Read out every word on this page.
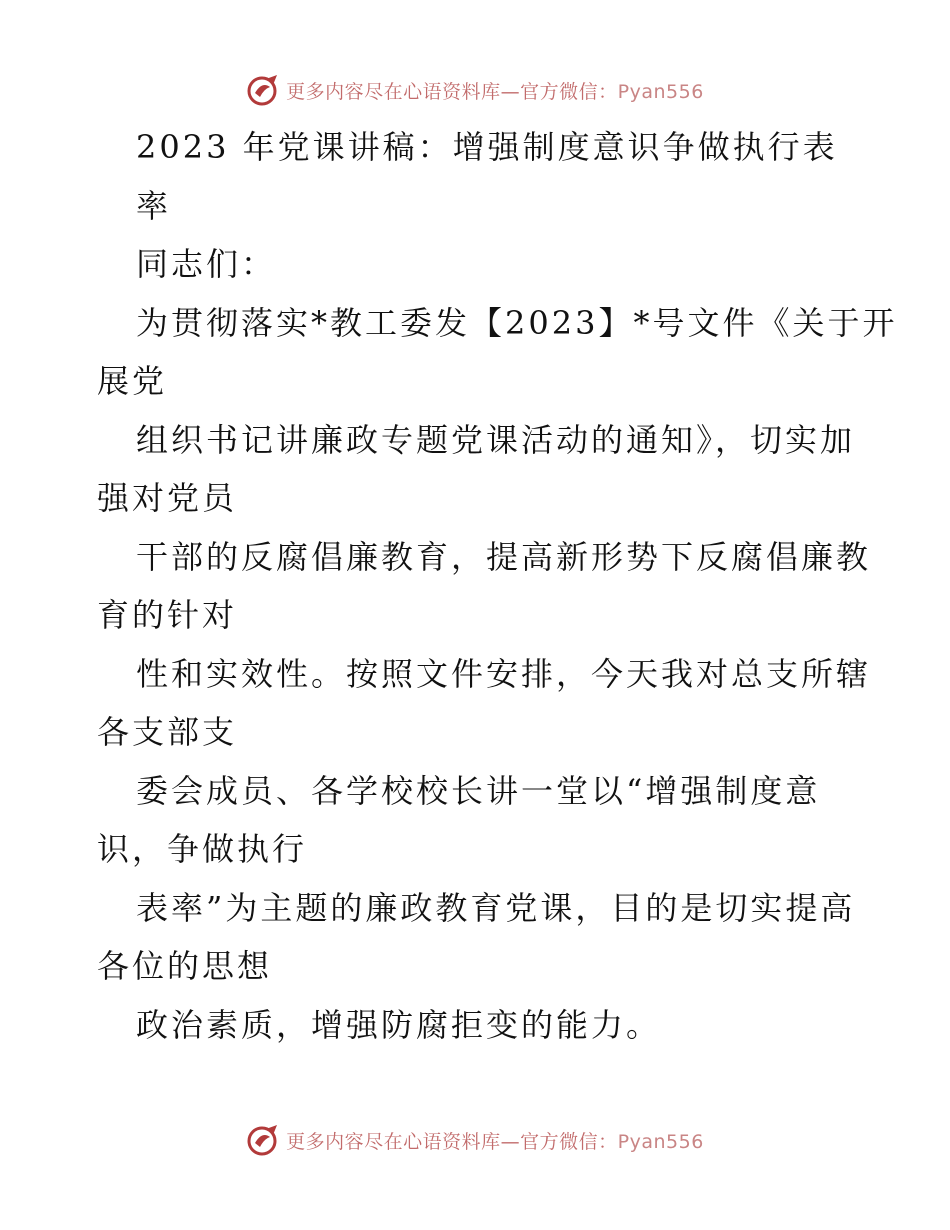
更多内容尽在心语资料库—官方微信：Pyan556
2023 年党课讲稿：增强制度意识争做执行表
率
同志们：
为贯彻落实*教工委发【2023】*号文件《关于开
展党
组织书记讲廉政专题党课活动的通知》，切实加
强对党员
干部的反腐倡廉教育，提高新形势下反腐倡廉教
育的针对
性和实效性。按照文件安排，今天我对总支所辖
各支部支
委会成员、各学校校长讲一堂以“增强制度意
识，争做执行
表率”为主题的廉政教育党课，目的是切实提高
各位的思想
政治素质，增强防腐拒变的能力。
更多内容尽在心语资料库—官方微信：Pyan556
